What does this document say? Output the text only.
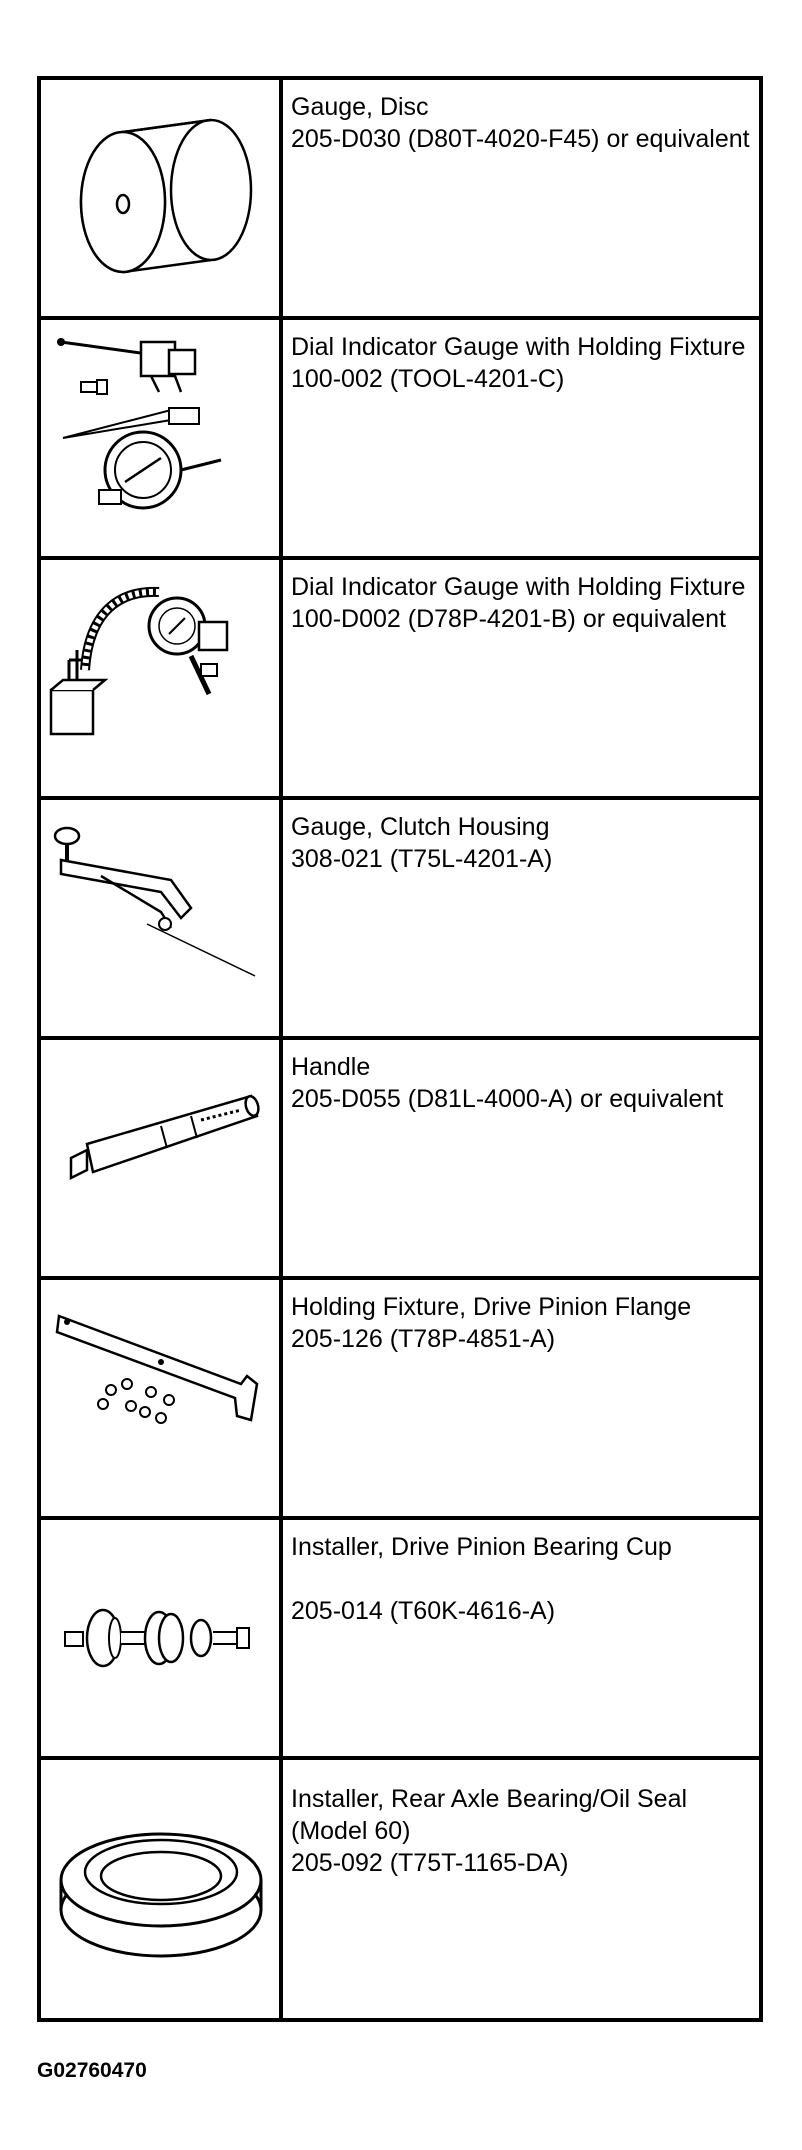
Gauge, Disc
205-D030 (D80T-4020-F45) or equivalent

Dial Indicator Gauge with Holding Fixture
100-002 (TOOL-4201-C)

Dial Indicator Gauge with Holding Fixture
100-D002 (D78P-4201-B) or equivalent

Gauge, Clutch Housing
308-021 (T75L-4201-A)

Handle
205-D055 (D81L-4000-A) or equivalent

Holding Fixture, Drive Pinion Flange
205-126 (T78P-4851-A)

Installer, Drive Pinion Bearing Cup

205-014 (T60K-4616-A)

Installer, Rear Axle Bearing/Oil Seal (Model 60)
205-092 (T75T-1165-DA)
G02760470
